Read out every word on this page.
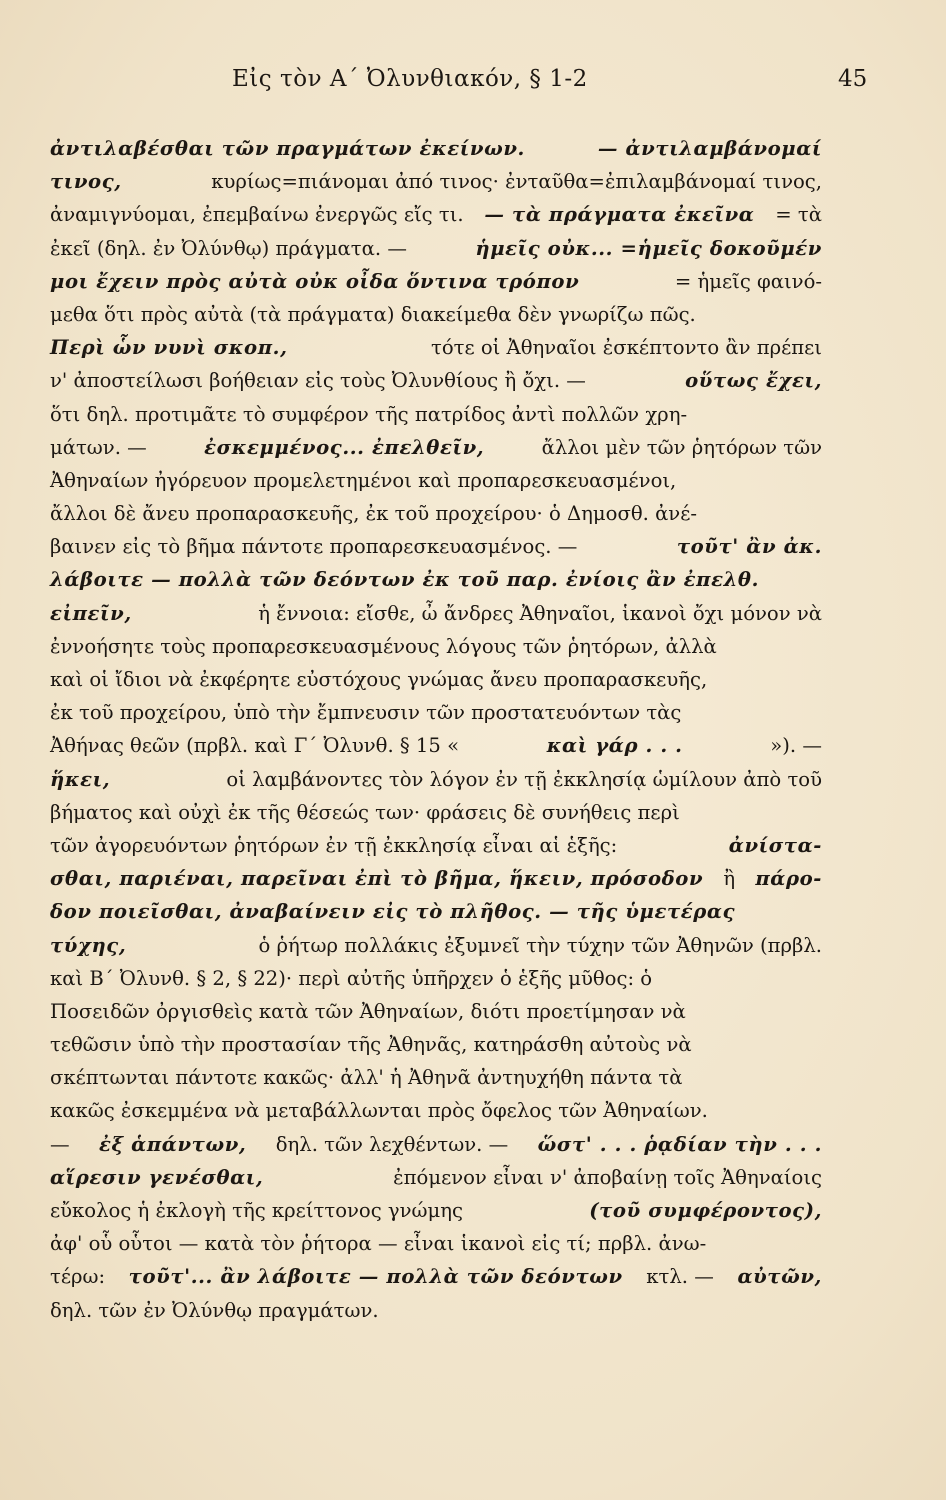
Εἰς τὸν Α΄ Ὀλυνθιακόν, § 1-2	45
ἀντιλαβέσθαι τῶν πραγμάτων ἐκείνων.	— ἀντιλαμβάνομαί
τινος,	κυρίως=πιάνομαι ἀπό τινος· ἐνταῦθα=ἐπιλαμβάνομαί τινος,
ἀναμιγνύομαι, ἐπεμβαίνω ἐνεργῶς εἴς τι. — τὰ πράγματα ἐκεῖνα = τὰ
ἐκεῖ (δηλ. ἐν Ὀλύνθῳ) πράγματα. —	ἡμεῖς οὐκ... =ἡμεῖς δοκοῦμέν
μοι ἔχειν πρὸς αὐτὰ οὐκ οἶδα ὅντινα τρόπον	= ἡμεῖς φαινό-
μεθα ὅτι πρὸς αὐτὰ (τὰ πράγματα) διακείμεθα δὲν γνωρίζω πῶς.
Περὶ ὧν νυνὶ σκοπ.,	τότε οἱ Ἀθηναῖοι ἐσκέπτοντο ἂν πρέπει
ν' ἀποστείλωσι βοήθειαν εἰς τοὺς Ὀλυνθίους ἢ ὄχι. —	οὕτως ἔχει,
ὅτι δηλ. προτιμᾶτε τὸ συμφέρον τῆς πατρίδος ἀντὶ πολλῶν χρη-
μάτων. —	ἐσκεμμένος... ἐπελθεῖν,	ἄλλοι μὲν τῶν ῥητόρων τῶν
Ἀθηναίων ἠγόρευον προμελετημένοι καὶ προπαρεσκευασμένοι,
ἄλλοι δὲ ἄνευ προπαρασκευῆς, ἐκ τοῦ προχείρου· ὁ Δημοσθ. ἀνέ-
βαινεν εἰς τὸ βῆμα πάντοτε προπαρεσκευασμένος. —	τοῦτ' ἂν ἀκ.
λάβοιτε — πολλὰ τῶν δεόντων ἐκ τοῦ παρ. ἐνίοις ἂν ἐπελθ.
εἰπεῖν,	ἡ ἔννοια: εἴσθε, ὦ ἄνδρες Ἀθηναῖοι, ἱκανοὶ ὄχι μόνον νὰ
ἐννοήσητε τοὺς προπαρεσκευασμένους λόγους τῶν ῥητόρων, ἀλλὰ
καὶ οἱ ἴδιοι νὰ ἐκφέρητε εὐστόχους γνώμας ἄνευ προπαρασκευῆς,
ἐκ τοῦ προχείρου, ὑπὸ τὴν ἔμπνευσιν τῶν προστατευόντων τὰς
Ἀθήνας θεῶν (πρβλ. καὶ Γ΄ Ὀλυνθ. § 15 «	καὶ γάρ . . .	»). —
ἥκει,	οἱ λαμβάνοντες τὸν λόγον ἐν τῇ ἐκκλησίᾳ ὡμίλουν ἀπὸ τοῦ
βήματος καὶ οὐχὶ ἐκ τῆς θέσεώς των· φράσεις δὲ συνήθεις περὶ
τῶν ἀγορευόντων ῥητόρων ἐν τῇ ἐκκλησίᾳ εἶναι αἱ ἑξῆς:	ἀνίστα-
σθαι, παριέναι, παρεῖναι ἐπὶ τὸ βῆμα, ἥκειν, πρόσοδον ἢ πάρο-
δον ποιεῖσθαι, ἀναβαίνειν εἰς τὸ πλῆθος. — τῆς ὑμετέρας
τύχης,	ὁ ῥήτωρ πολλάκις ἐξυμνεῖ τὴν τύχην τῶν Ἀθηνῶν (πρβλ.
καὶ Β΄ Ὀλυνθ. § 2, § 22)· περὶ αὐτῆς ὑπῆρχεν ὁ ἑξῆς μῦθος: ὁ
Ποσειδῶν ὀργισθεὶς κατὰ τῶν Ἀθηναίων, διότι προετίμησαν νὰ
τεθῶσιν ὑπὸ τὴν προστασίαν τῆς Ἀθηνᾶς, κατηράσθη αὐτοὺς νὰ
σκέπτωνται πάντοτε κακῶς· ἀλλ' ἡ Ἀθηνᾶ ἀντηυχήθη πάντα τὰ
κακῶς ἐσκεμμένα νὰ μεταβάλλωνται πρὸς ὄφελος τῶν Ἀθηναίων.
— ἐξ ἁπάντων, δηλ. τῶν λεχθέντων. — ὥστ' . . . ῥᾳδίαν τὴν . . .
αἵρεσιν γενέσθαι,	ἐπόμενον εἶναι ν' ἀποβαίνῃ τοῖς Ἀθηναίοις
εὔκολος ἡ ἐκλογὴ τῆς κρείττονος γνώμης	(τοῦ συμφέροντος),
ἀφ' οὗ οὗτοι — κατὰ τὸν ῥήτορα — εἶναι ἱκανοὶ εἰς τί; πρβλ. ἀνω-
τέρω: τοῦτ'... ἂν λάβοιτε — πολλὰ τῶν δεόντων κτλ. — αὐτῶν,
δηλ. τῶν ἐν Ὀλύνθῳ πραγμάτων.
